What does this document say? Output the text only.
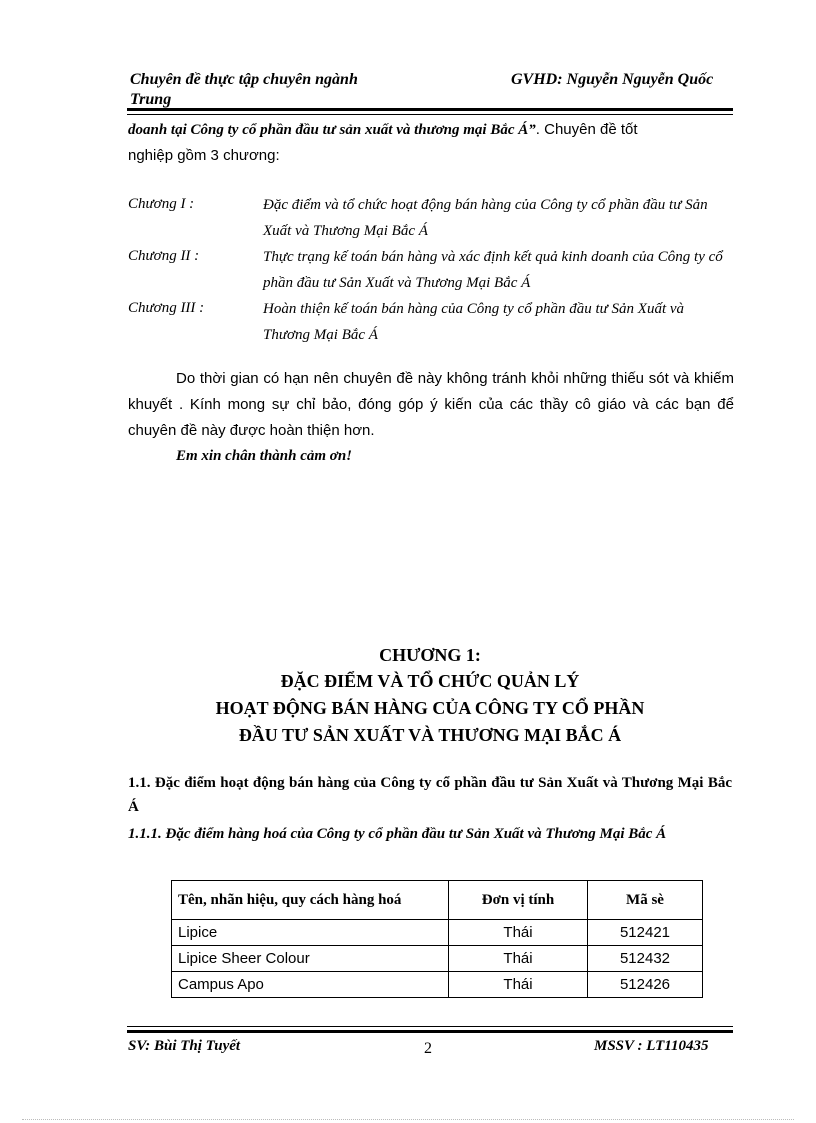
Chuyên đề thực tập chuyên ngành
Trung
GVHD: Nguyễn Nguyễn Quốc
doanh tại Công ty cổ phần đầu tư sản xuất và thương mại Bắc Á”. Chuyên đề tốt
nghiệp gồm 3 chương:
Chương I :	Đặc điểm và tổ chức hoạt động bán hàng của Công ty cổ phần đầu tư Sản Xuất và Thương Mại Bắc Á
Chương II :	Thực trạng kế toán bán hàng và xác định kết quả kinh doanh của Công ty cổ phần đầu tư Sản Xuất và Thương Mại Bắc Á
Chương III :	Hoàn thiện kế toán bán hàng của Công ty cổ phần đầu tư Sản Xuất và Thương Mại Bắc Á
Do thời gian có hạn nên chuyên đề này không tránh khỏi những thiếu sót và khiếm khuyết . Kính mong sự chỉ bảo, đóng góp ý kiến của các thầy cô giáo và các bạn để chuyên đề này được hoàn thiện hơn.
Em xin chân thành cảm ơn!
CHƯƠNG 1:
ĐẶC ĐIỂM VÀ TỔ CHỨC QUẢN LÝ
HOẠT ĐỘNG BÁN HÀNG CỦA CÔNG TY CỔ PHẦN
ĐẦU TƯ SẢN XUẤT VÀ THƯƠNG MẠI BẮC Á
1.1. Đặc điểm hoạt động bán hàng của Công ty cổ phần đầu tư Sản Xuất và Thương Mại Bắc Á
1.1.1. Đặc điểm hàng hoá của Công ty cổ phần đầu tư Sản Xuất và Thương Mại Bắc Á
Tên, nhãn hiệu, quy cách hàng hoá	Đơn vị tính	Mã sè
Lipice	Thái	512421
Lipice Sheer Colour	Thái	512432
Campus Apo	Thái	512426
SV: Bùi Thị Tuyết	2	MSSV : LT110435
